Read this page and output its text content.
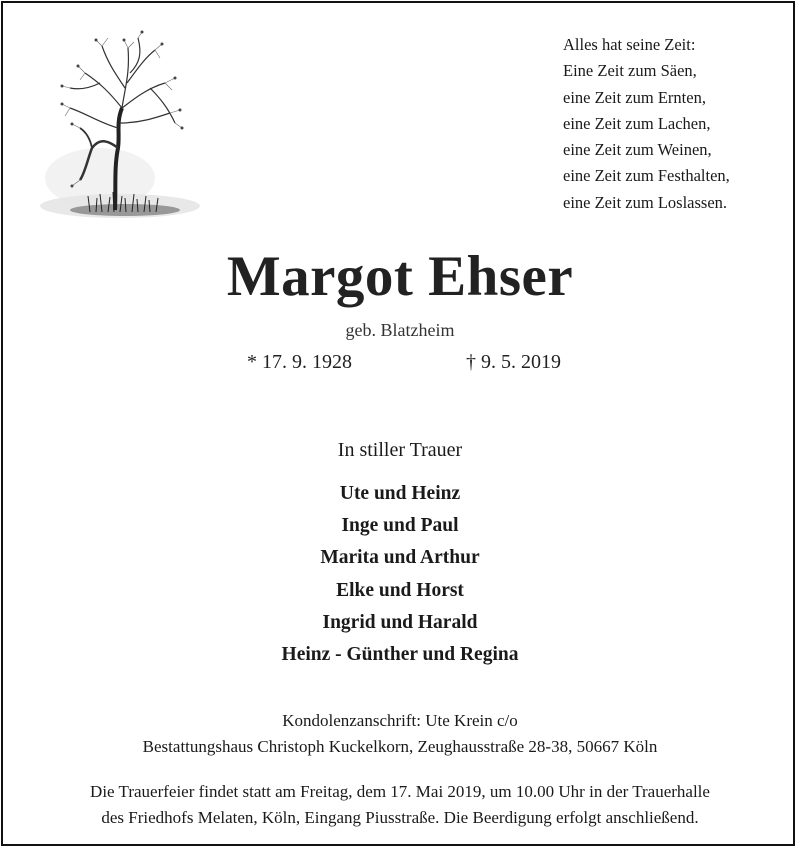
Alles hat seine Zeit:
Eine Zeit zum Säen,
eine Zeit zum Ernten,
eine Zeit zum Lachen,
eine Zeit zum Weinen,
eine Zeit zum Festhalten,
eine Zeit zum Loslassen.
Margot Ehser
geb. Blatzheim
* 17. 9. 1928	† 9. 5. 2019
In stiller Trauer
Ute und Heinz
Inge und Paul
Marita und Arthur
Elke und Horst
Ingrid und Harald
Heinz - Günther und Regina
Kondolenzanschrift: Ute Krein c/o
Bestattungshaus Christoph Kuckelkorn, Zeughausstraße 28-38, 50667 Köln
Die Trauerfeier findet statt am Freitag, dem 17. Mai 2019, um 10.00 Uhr in der Trauerhalle
des Friedhofs Melaten, Köln, Eingang Piusstraße. Die Beerdigung erfolgt anschließend.
